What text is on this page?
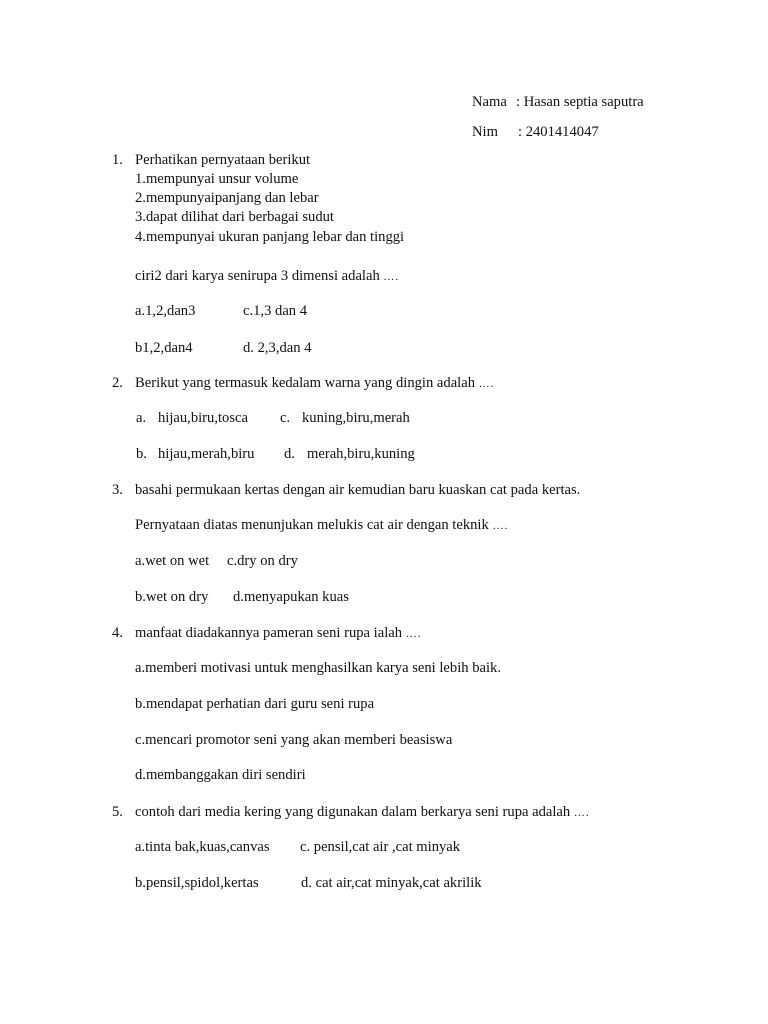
Nama : Hasan septia saputra
Nim : 2401414047
1. Perhatikan pernyataan berikut
1.mempunyai unsur volume
2.mempunyaipanjang dan lebar
3.dapat dilihat dari berbagai sudut
4.mempunyai ukuran panjang lebar dan tinggi
ciri2 dari karya senirupa 3 dimensi adalah ….
a.1,2,dan3	c.1,3 dan 4
b1,2,dan4	d. 2,3,dan 4
2. Berikut yang termasuk kedalam warna yang dingin adalah ….
a. hijau,biru,tosca c. kuning,biru,merah
b. hijau,merah,biru d. merah,biru,kuning
3. basahi permukaan kertas dengan air kemudian baru kuaskan cat pada kertas.
Pernyataan diatas menunjukan melukis cat air dengan teknik ….
a.wet on wet c.dry on dry
b.wet on dry d.menyapukan kuas
4. manfaat diadakannya pameran seni rupa ialah ….
a.memberi motivasi untuk menghasilkan karya seni lebih baik.
b.mendapat perhatian dari guru seni rupa
c.mencari promotor seni yang akan memberi beasiswa
d.membanggakan diri sendiri
5. contoh dari media kering yang digunakan dalam berkarya seni rupa adalah ….
a.tinta bak,kuas,canvas c. pensil,cat air ,cat minyak
b.pensil,spidol,kertas	d. cat air,cat minyak,cat akrilik
